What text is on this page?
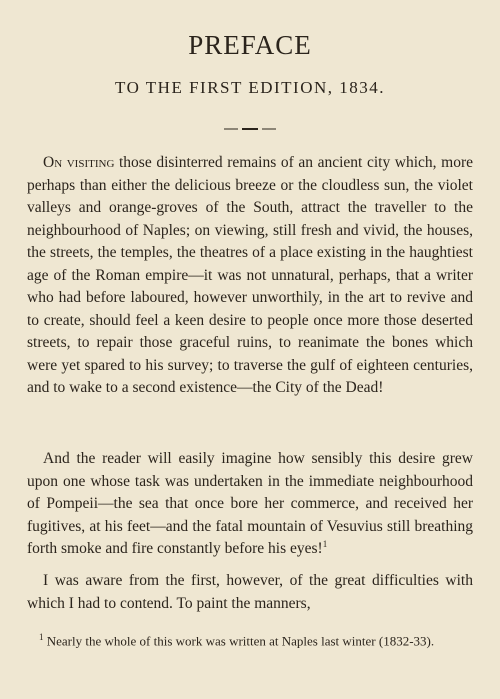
PREFACE
TO THE FIRST EDITION, 1834.

On visiting those disinterred remains of an ancient city which, more perhaps than either the delicious breeze or the cloudless sun, the violet valleys and orange-groves of the South, attract the traveller to the neighbourhood of Naples; on viewing, still fresh and vivid, the houses, the streets, the temples, the theatres of a place existing in the haughtiest age of the Roman empire—it was not unnatural, perhaps, that a writer who had before laboured, however unworthily, in the art to revive and to create, should feel a keen desire to people once more those deserted streets, to repair those graceful ruins, to reanimate the bones which were yet spared to his survey; to traverse the gulf of eighteen centuries, and to wake to a second existence—the City of the Dead!

And the reader will easily imagine how sensibly this desire grew upon one whose task was undertaken in the immediate neighbourhood of Pompeii—the sea that once bore her commerce, and received her fugitives, at his feet—and the fatal mountain of Vesuvius still breathing forth smoke and fire constantly before his eyes!$^1$

I was aware from the first, however, of the great difficulties with which I had to contend. To paint the manners,

$^1$ Nearly the whole of this work was written at Naples last winter (1832-33).
